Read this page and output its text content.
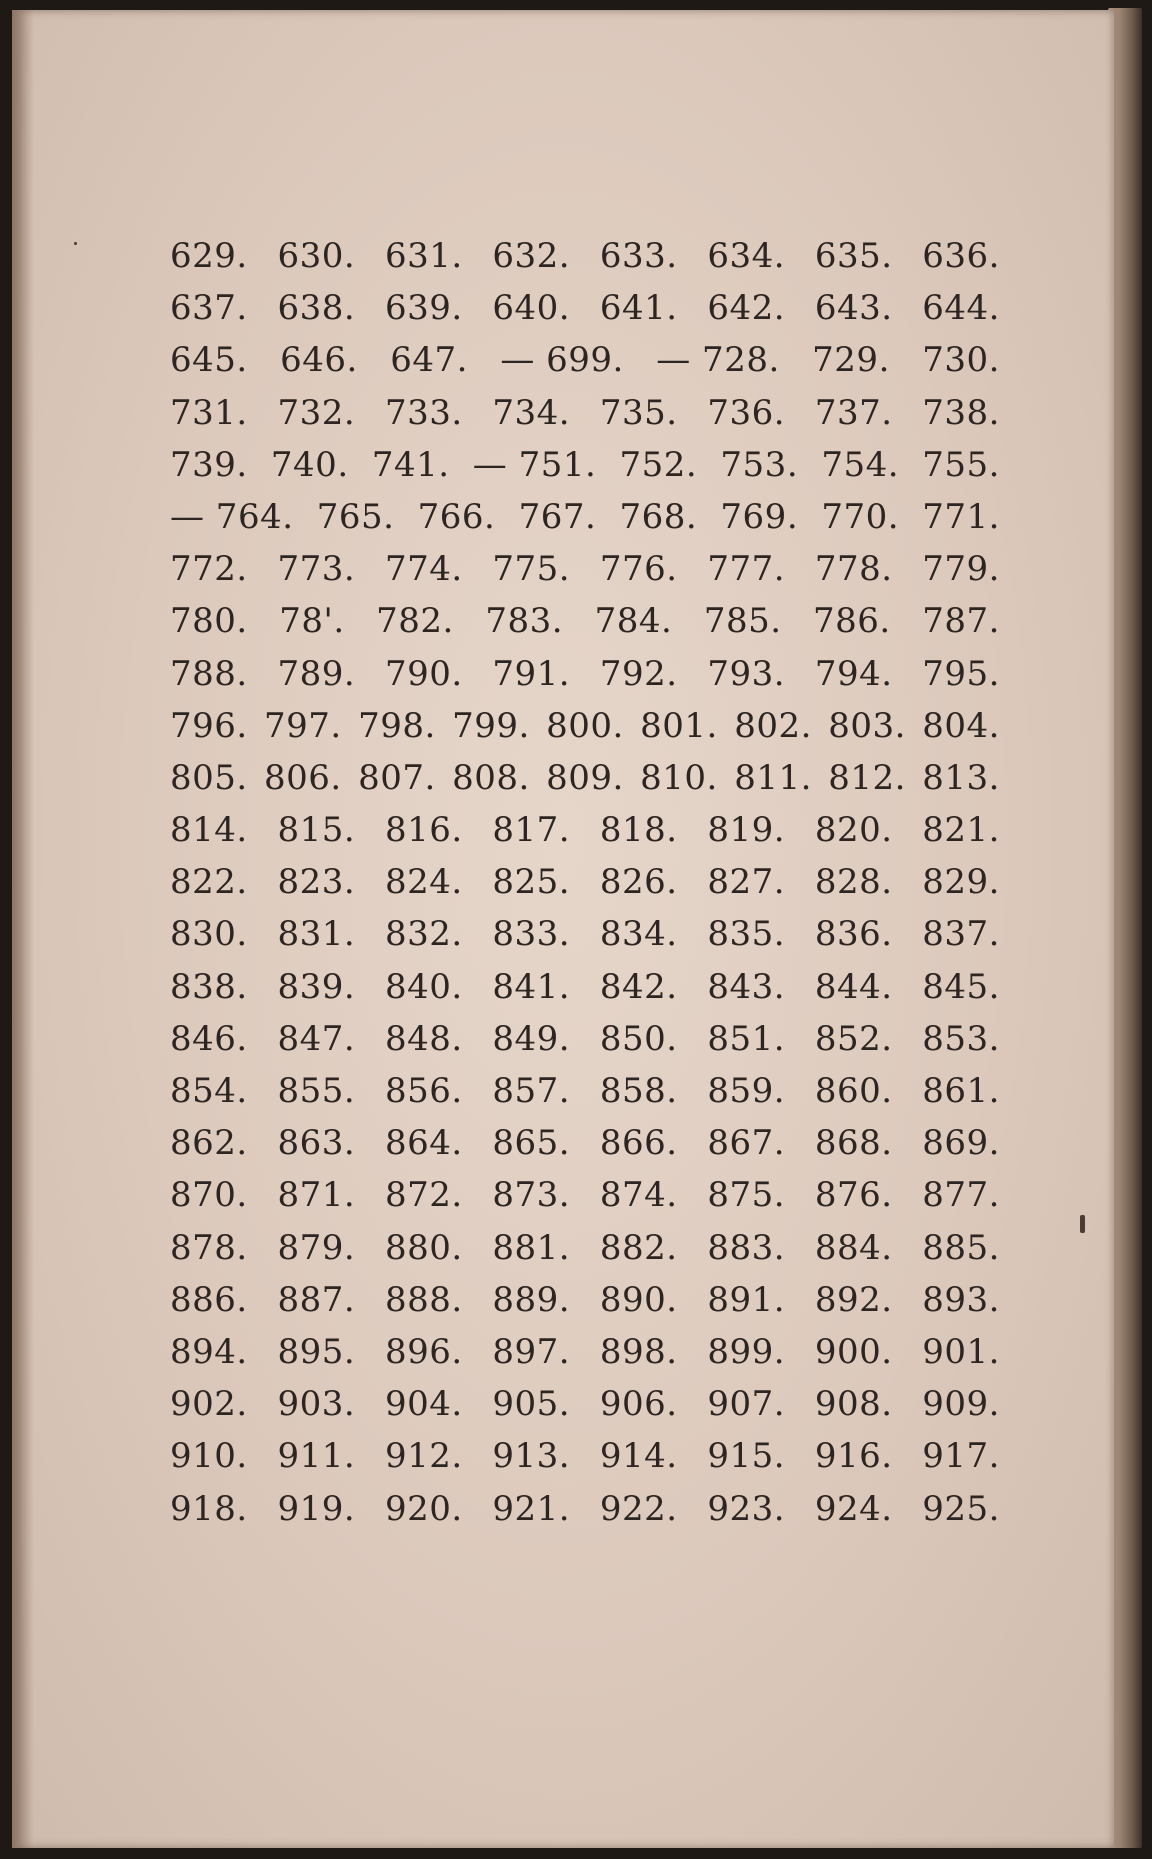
629. 630. 631. 632. 633. 634. 635. 636.
637. 638. 639. 640. 641. 642. 643. 644.
645. 646. 647. — 699. — 728. 729. 730.
731. 732. 733. 734. 735. 736. 737. 738.
739. 740. 741. — 751. 752. 753. 754. 755.
— 764. 765. 766. 767. 768. 769. 770. 771.
772. 773. 774. 775. 776. 777. 778. 779.
780. 78'. 782. 783. 784. 785. 786. 787.
788. 789. 790. 791. 792. 793. 794. 795.
796. 797. 798. 799. 800. 801. 802. 803. 804.
805. 806. 807. 808. 809. 810. 811. 812. 813.
814. 815. 816. 817. 818. 819. 820. 821.
822. 823. 824. 825. 826. 827. 828. 829.
830. 831. 832. 833. 834. 835. 836. 837.
838. 839. 840. 841. 842. 843. 844. 845.
846. 847. 848. 849. 850. 851. 852. 853.
854. 855. 856. 857. 858. 859. 860. 861.
862. 863. 864. 865. 866. 867. 868. 869.
870. 871. 872. 873. 874. 875. 876. 877.
878. 879. 880. 881. 882. 883. 884. 885.
886. 887. 888. 889. 890. 891. 892. 893.
894. 895. 896. 897. 898. 899. 900. 901.
902. 903. 904. 905. 906. 907. 908. 909.
910. 911. 912. 913. 914. 915. 916. 917.
918. 919. 920. 921. 922. 923. 924. 925.
